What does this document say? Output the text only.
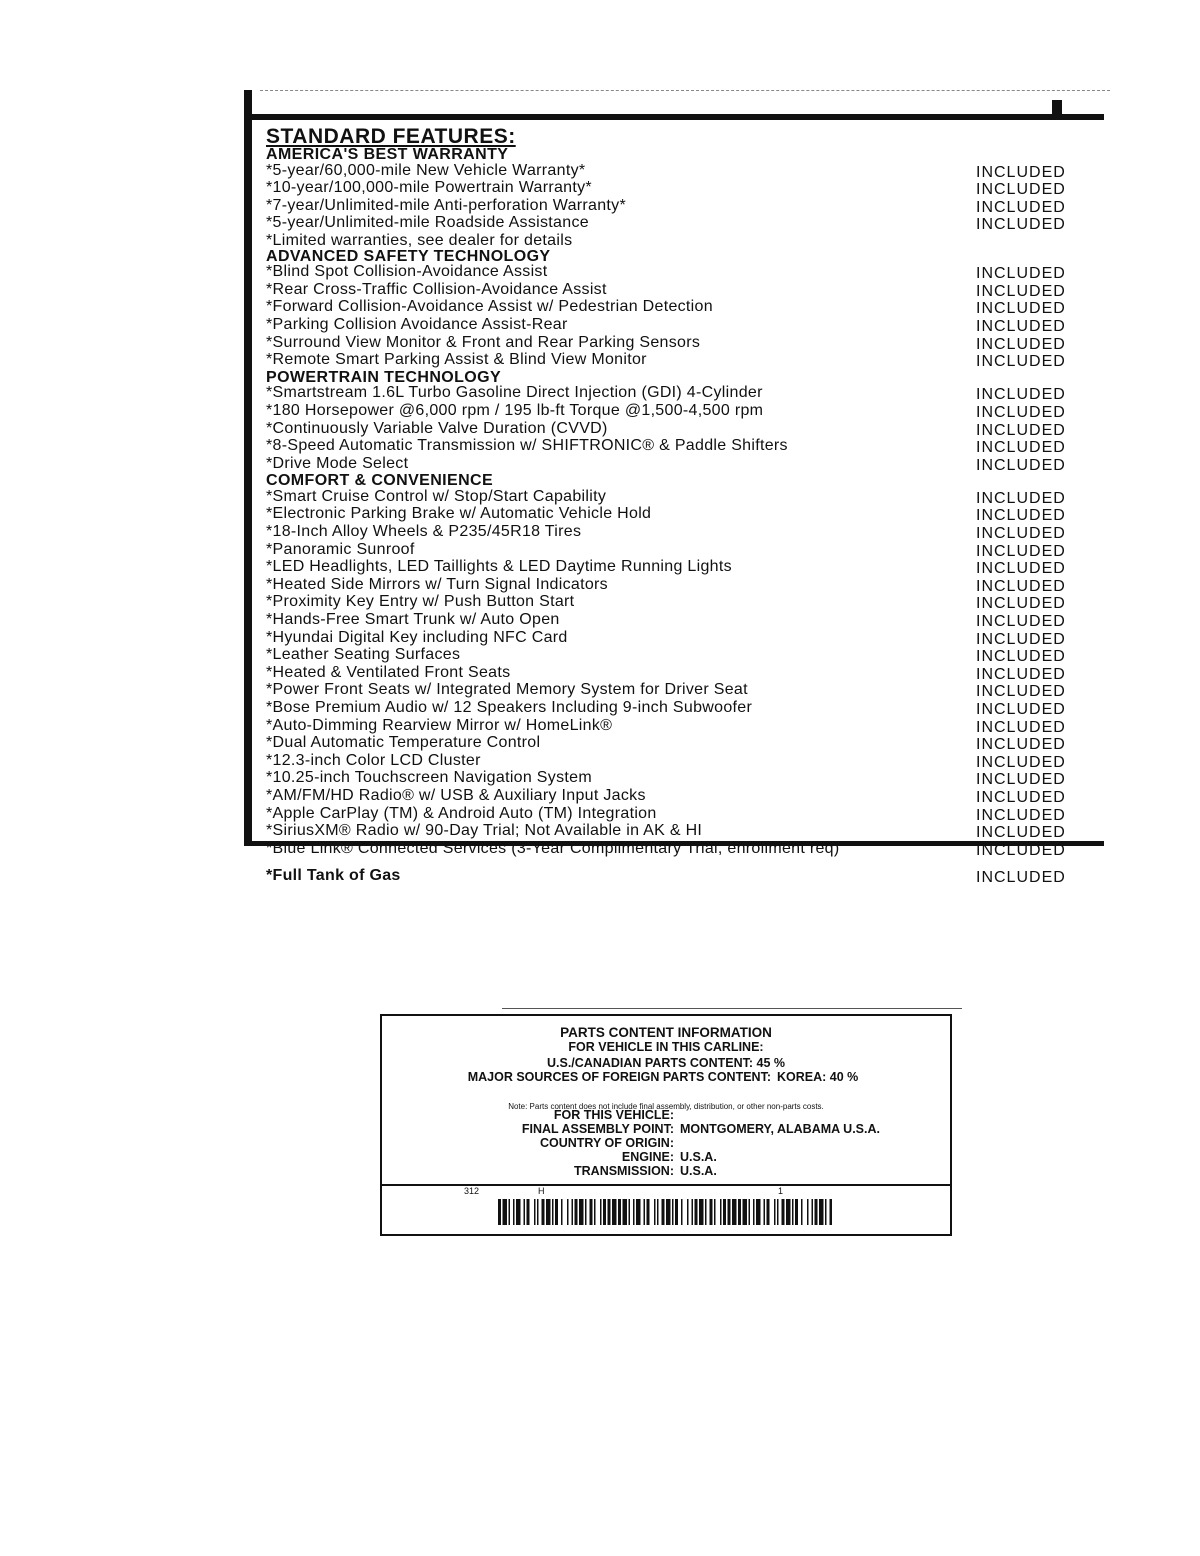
STANDARD FEATURES:
AMERICA'S BEST WARRANTY
*5-year/60,000-mile New Vehicle Warranty*	INCLUDED
*10-year/100,000-mile Powertrain Warranty*	INCLUDED
*7-year/Unlimited-mile Anti-perforation Warranty*	INCLUDED
*5-year/Unlimited-mile Roadside Assistance	INCLUDED
*Limited warranties, see dealer for details
ADVANCED SAFETY TECHNOLOGY
*Blind Spot Collision-Avoidance Assist	INCLUDED
*Rear Cross-Traffic Collision-Avoidance Assist	INCLUDED
*Forward Collision-Avoidance Assist w/ Pedestrian Detection	INCLUDED
*Parking Collision Avoidance Assist-Rear	INCLUDED
*Surround View Monitor & Front and Rear Parking Sensors	INCLUDED
*Remote Smart Parking Assist & Blind View Monitor	INCLUDED
POWERTRAIN TECHNOLOGY
*Smartstream 1.6L Turbo Gasoline Direct Injection (GDI) 4-Cylinder	INCLUDED
*180 Horsepower @6,000 rpm / 195 lb-ft Torque @1,500-4,500 rpm	INCLUDED
*Continuously Variable Valve Duration (CVVD)	INCLUDED
*8-Speed Automatic Transmission w/ SHIFTRONIC® & Paddle Shifters	INCLUDED
*Drive Mode Select	INCLUDED
COMFORT & CONVENIENCE
*Smart Cruise Control w/ Stop/Start Capability	INCLUDED
*Electronic Parking Brake w/ Automatic Vehicle Hold	INCLUDED
*18-Inch Alloy Wheels & P235/45R18 Tires	INCLUDED
*Panoramic Sunroof	INCLUDED
*LED Headlights, LED Taillights & LED Daytime Running Lights	INCLUDED
*Heated Side Mirrors w/ Turn Signal Indicators	INCLUDED
*Proximity Key Entry w/ Push Button Start	INCLUDED
*Hands-Free Smart Trunk w/ Auto Open	INCLUDED
*Hyundai Digital Key including NFC Card	INCLUDED
*Leather Seating Surfaces	INCLUDED
*Heated & Ventilated Front Seats	INCLUDED
*Power Front Seats w/ Integrated Memory System for Driver Seat	INCLUDED
*Bose Premium Audio w/ 12 Speakers Including 9-inch Subwoofer	INCLUDED
*Auto-Dimming Rearview Mirror w/ HomeLink®	INCLUDED
*Dual Automatic Temperature Control	INCLUDED
*12.3-inch Color LCD Cluster	INCLUDED
*10.25-inch Touchscreen Navigation System	INCLUDED
*AM/FM/HD Radio® w/ USB & Auxiliary Input Jacks	INCLUDED
*Apple CarPlay (TM) & Android Auto (TM) Integration	INCLUDED
*SiriusXM® Radio w/ 90-Day Trial; Not Available in AK & HI	INCLUDED
*Blue Link® Connected Services (3-Year Complimentary Trial, enrollment req)	INCLUDED
*Full Tank of Gas	INCLUDED
PARTS CONTENT INFORMATION
FOR VEHICLE IN THIS CARLINE:
U.S./CANADIAN PARTS CONTENT: 45 %
MAJOR SOURCES OF FOREIGN PARTS CONTENT: KOREA: 40 %
Note: Parts content does not include final assembly, distribution, or other non-parts costs.
FOR THIS VEHICLE:
FINAL ASSEMBLY POINT: MONTGOMERY, ALABAMA U.S.A.
COUNTRY OF ORIGIN:
ENGINE: U.S.A.
TRANSMISSION: U.S.A.
312	H	1
